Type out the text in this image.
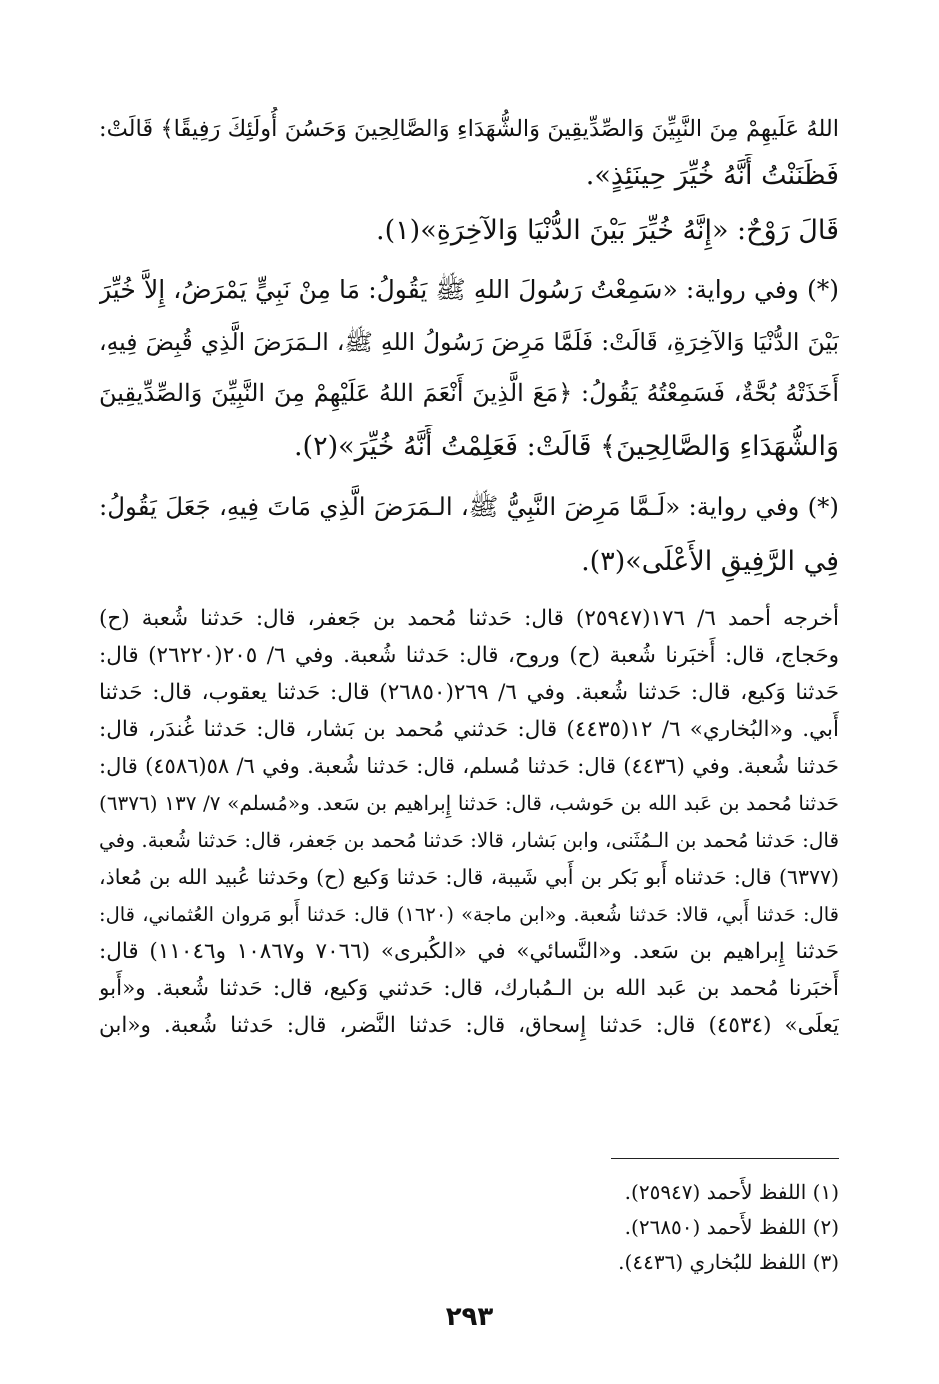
اللهُ عَلَيهِمْ مِنَ النَّبِيِّنَ وَالصِّدِّيقِينَ وَالشُّهَدَاءِ وَالصَّالِحِينَ وَحَسُنَ أُولَئِكَ رَفِيقًا﴾ قَالَتْ:
فَظَنَنْتُ أَنَّهُ خُيِّرَ حِينَئِذٍ».
قَالَ رَوْحٌ: «إِنَّهُ خُيِّرَ بَيْنَ الدُّنْيَا وَالآخِرَةِ»(١).
(*) وفي رواية: «سَمِعْتُ رَسُولَ اللهِ ﷺ يَقُولُ: مَا مِنْ نَبِيٍّ يَمْرَضُ، إِلاَّ خُيِّرَ
بَيْنَ الدُّنْيَا وَالآخِرَةِ، قَالَتْ: فَلَمَّا مَرِضَ رَسُولُ اللهِ ﷺ، الـمَرَضَ الَّذِي قُبِضَ فِيهِ،
أَخَذَتْهُ بُحَّةٌ، فَسَمِعْتُهُ يَقُولُ: ﴿مَعَ الَّذِينَ أَنْعَمَ اللهُ عَلَيْهِمْ مِنَ النَّبِيِّنَ وَالصِّدِّيقِينَ
وَالشُّهَدَاءِ وَالصَّالِحِينَ﴾ قَالَتْ: فَعَلِمْتُ أَنَّهُ خُيِّرَ»(٢).
(*) وفي رواية: «لَـمَّا مَرِضَ النَّبِيُّ ﷺ، الـمَرَضَ الَّذِي مَاتَ فِيهِ، جَعَلَ يَقُولُ:
فِي الرَّفِيقِ الأَعْلَى»(٣).
أخرجه أحمد ٦/ ١٧٦(٢٥٩٤٧) قال: حَدثنا مُحمد بن جَعفر، قال: حَدثنا شُعبة (ح)
وحَجاج، قال: أَخبَرنا شُعبة (ح) وروح، قال: حَدثنا شُعبة. وفي ٦/ ٢٠٥(٢٦٢٢٠) قال:
حَدثنا وَكيع، قال: حَدثنا شُعبة. وفي ٦/ ٢٦٩(٢٦٨٥٠) قال: حَدثنا يعقوب، قال: حَدثنا
أَبي. و«البُخاري» ٦/ ١٢(٤٤٣٥) قال: حَدثني مُحمد بن بَشار، قال: حَدثنا غُندَر، قال:
حَدثنا شُعبة. وفي (٤٤٣٦) قال: حَدثنا مُسلم، قال: حَدثنا شُعبة. وفي ٦/ ٥٨(٤٥٨٦) قال:
حَدثنا مُحمد بن عَبد الله بن حَوشب، قال: حَدثنا إِبراهيم بن سَعد. و«مُسلم» ٧/ ١٣٧ (٦٣٧٦)
قال: حَدثنا مُحمد بن الـمُثَنى، وابن بَشار، قالا: حَدثنا مُحمد بن جَعفر، قال: حَدثنا شُعبة. وفي
(٦٣٧٧) قال: حَدثناه أَبو بَكر بن أَبي شَيبة، قال: حَدثنا وَكيع (ح) وحَدثنا عُبيد الله بن مُعاذ،
قال: حَدثنا أَبي، قالا: حَدثنا شُعبة. و«ابن ماجة» (١٦٢٠) قال: حَدثنا أَبو مَروان العُثماني، قال:
حَدثنا إِبراهيم بن سَعد. و«النَّسائي» في «الكُبرى» (٧٠٦٦ و١٠٨٦٧ و١١٠٤٦) قال:
أَخبَرنا مُحمد بن عَبد الله بن الـمُبارك، قال: حَدثني وَكيع، قال: حَدثنا شُعبة. و«أَبو
يَعلَى» (٤٥٣٤) قال: حَدثنا إِسحاق، قال: حَدثنا النَّضر، قال: حَدثنا شُعبة. و«ابن
(١) اللفظ لأَحمد (٢٥٩٤٧).
(٢) اللفظ لأَحمد (٢٦٨٥٠).
(٣) اللفظ للبُخاري (٤٤٣٦).
٢٩٣
